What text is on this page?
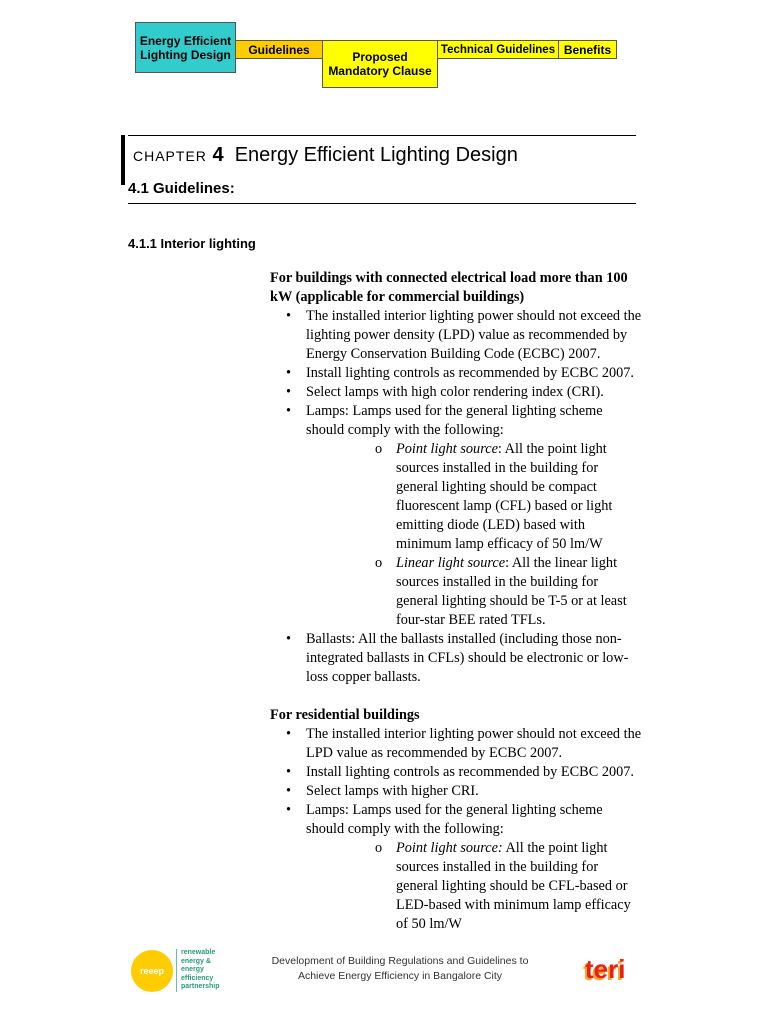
Energy Efficient Lighting Design	Guidelines
Proposed Mandatory Clause
Technical Guidelines Benefits
CHAPTER 4 Energy Efficient Lighting Design
4.1 Guidelines:
4.1.1 Interior lighting

For buildings with connected electrical load more than 100 kW (applicable for commercial buildings)

• The installed interior lighting power should not exceed the lighting power density (LPD) value as recommended by Energy Conservation Building Code (ECBC) 2007.
• Install lighting controls as recommended by ECBC 2007.
• Select lamps with high color rendering index (CRI).
• Lamps: Lamps used for the general lighting scheme should comply with the following:
o Point light source: All the point light sources installed in the building for general lighting should be compact fluorescent lamp (CFL) based or light emitting diode (LED) based with minimum lamp efficacy of 50 lm/W
o Linear light source: All the linear light sources installed in the building for general lighting should be T-5 or at least four-star BEE rated TFLs.
• Ballasts: All the ballasts installed (including those non-integrated ballasts in CFLs) should be electronic or low-loss copper ballasts.

For residential buildings

• The installed interior lighting power should not exceed the LPD value as recommended by ECBC 2007.
• Install lighting controls as recommended by ECBC 2007.
• Select lamps with higher CRI.
• Lamps: Lamps used for the general lighting scheme should comply with the following:
o Point light source: All the point light sources installed in the building for general lighting should be CFL-based or LED-based with minimum lamp efficacy of 50 lm/W
reeep
renewable energy & energy efficiency partnership
Development of Building Regulations and Guidelines to
Achieve Energy Efficiency in Bangalore City	teri
